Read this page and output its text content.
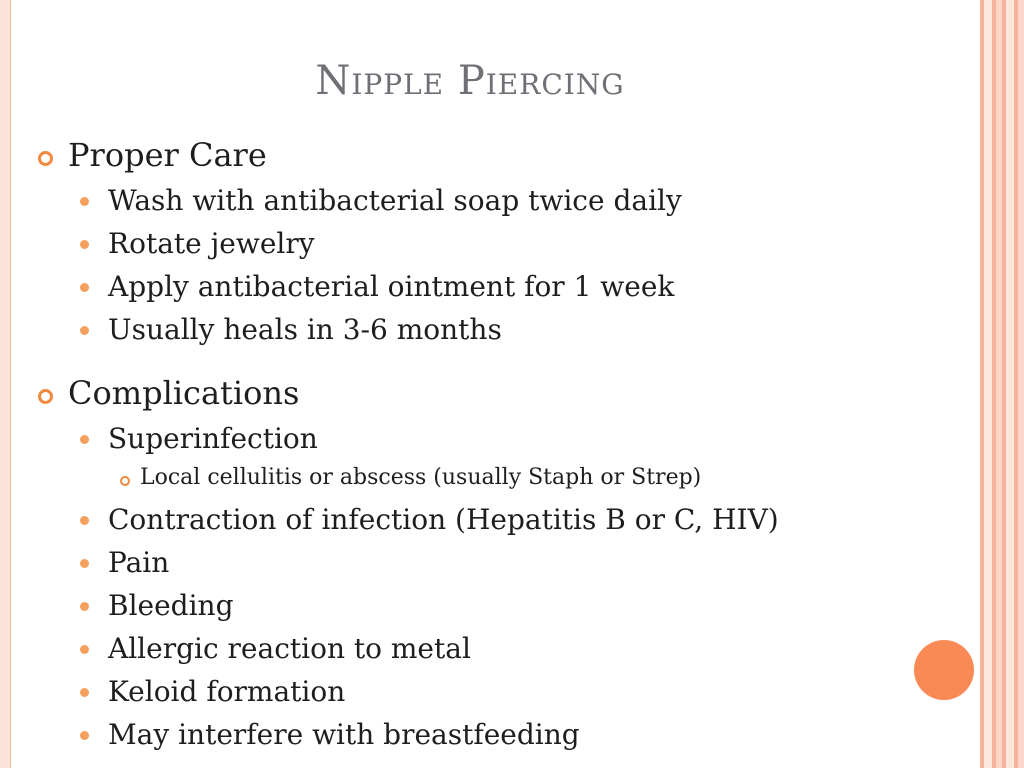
Nipple Piercing
Proper Care
Wash with antibacterial soap twice daily
Rotate jewelry
Apply antibacterial ointment for 1 week
Usually heals in 3-6 months
Complications
Superinfection
Local cellulitis or abscess (usually Staph or Strep)
Contraction of infection (Hepatitis B or C, HIV)
Pain
Bleeding
Allergic reaction to metal
Keloid formation
May interfere with breastfeeding
